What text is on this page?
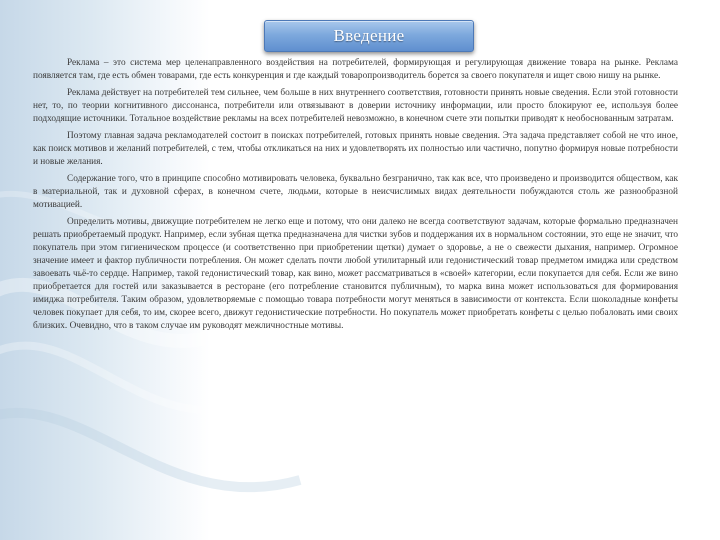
Введение

Реклама – это система мер целенаправленного воздействия на потребителей, формирующая и регулирующая движение товара на рынке. Реклама появляется там, где есть обмен товарами, где есть конкуренция и где каждый товаропроизводитель борется за своего покупателя и ищет свою нишу на рынке.

Реклама действует на потребителей тем сильнее, чем больше в них внутреннего соответствия, готовности принять новые сведения. Если этой готовности нет, то, по теории когнитивного диссонанса, потребители или отвязывают в доверии источнику информации, или просто блокируют ее, используя более подходящие источники. Тотальное воздействие рекламы на всех потребителей невозможно, в конечном счете эти попытки приводят к необоснованным затратам.

Поэтому главная задача рекламодателей состоит в поисках потребителей, готовых принять новые сведения. Эта задача представляет собой не что иное, как поиск мотивов и желаний потребителей, с тем, чтобы откликаться на них и удовлетворять их полностью или частично, попутно формируя новые потребности и новые желания.

Содержание того, что в принципе способно мотивировать человека, буквально безгранично, так как все, что произведено и производится обществом, как в материальной, так и духовной сферах, в конечном счете, людьми, которые в неисчислимых видах деятельности побуждаются столь же разнообразной мотивацией.

Определить мотивы, движущие потребителем не легко еще и потому, что они далеко не всегда соответствуют задачам, которые формально предназначен решать приобретаемый продукт. Например, если зубная щетка предназначена для чистки зубов и поддержания их в нормальном состоянии, это еще не значит, что покупатель при этом гигиеническом процессе (и соответственно при приобретении щетки) думает о здоровье, а не о свежести дыхания, например. Огромное значение имеет и фактор публичности потребления. Он может сделать почти любой утилитарный или гедонистический товар предметом имиджа или средством завоевать чьё-то сердце. Например, такой гедонистический товар, как вино, может рассматриваться в «своей» категории, если покупается для себя. Если же вино приобретается для гостей или заказывается в ресторане (его потребление становится публичным), то марка вина может использоваться для формирования имиджа потребителя. Таким образом, удовлетворяемые с помощью товара потребности могут меняться в зависимости от контекста. Если шоколадные конфеты человек покупает для себя, то им, скорее всего, движут гедонистические потребности. Но покупатель может приобретать конфеты с целью побаловать ими своих близких. Очевидно, что в таком случае им руководят межличностные мотивы.
